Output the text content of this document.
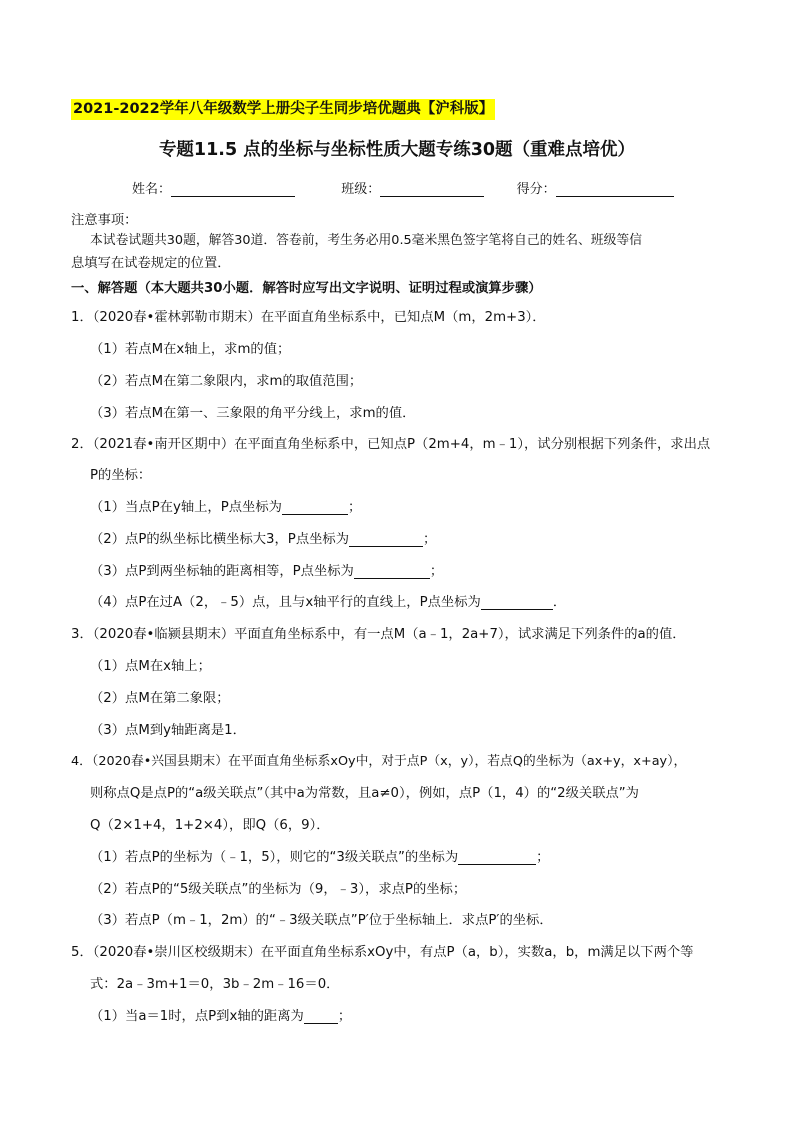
2021-2022学年八年级数学上册尖子生同步培优题典【沪科版】
专题11.5 点的坐标与坐标性质大题专练30题（重难点培优）
姓名：	班级：	得分：
注意事项：
本试卷试题共30题，解答30道．答卷前，考生务必用0.5毫米黑色签字笔将自己的姓名、班级等信
息填写在试卷规定的位置．
一、解答题（本大题共30小题．解答时应写出文字说明、证明过程或演算步骤）
1．（2020春•霍林郭勒市期末）在平面直角坐标系中，已知点M（m，2m+3）．
（1）若点M在x轴上，求m的值；
（2）若点M在第二象限内，求m的取值范围；
（3）若点M在第一、三象限的角平分线上，求m的值．
2．（2021春•南开区期中）在平面直角坐标系中，已知点P（2m+4，m﹣1），试分别根据下列条件，求出点
P的坐标：
（1）当点P在y轴上，P点坐标为	；
（2）点P的纵坐标比横坐标大3，P点坐标为	；
（3）点P到两坐标轴的距离相等，P点坐标为	；
（4）点P在过A（2，﹣5）点，且与x轴平行的直线上，P点坐标为	．
3．（2020春•临颍县期末）平面直角坐标系中，有一点M（a﹣1，2a+7），试求满足下列条件的a的值．
（1）点M在x轴上；
（2）点M在第二象限；
（3）点M到y轴距离是1．
4．（2020春•兴国县期末）在平面直角坐标系xOy中，对于点P（x，y），若点Q的坐标为（ax+y，x+ay），
则称点Q是点P的“a级关联点”（其中a为常数，且a≠0），例如，点P（1，4）的“2级关联点”为
Q（2×1+4，1+2×4），即Q（6，9）．
（1）若点P的坐标为（﹣1，5），则它的“3级关联点”的坐标为	；
（2）若点P的“5级关联点”的坐标为（9，﹣3），求点P的坐标；
（3）若点P（m﹣1，2m）的“﹣3级关联点”P′位于坐标轴上．求点P′的坐标．
5．（2020春•崇川区校级期末）在平面直角坐标系xOy中，有点P（a，b），实数a，b，m满足以下两个等
式：2a﹣3m+1＝0，3b﹣2m﹣16＝0．
（1）当a＝1时，点P到x轴的距离为	；
